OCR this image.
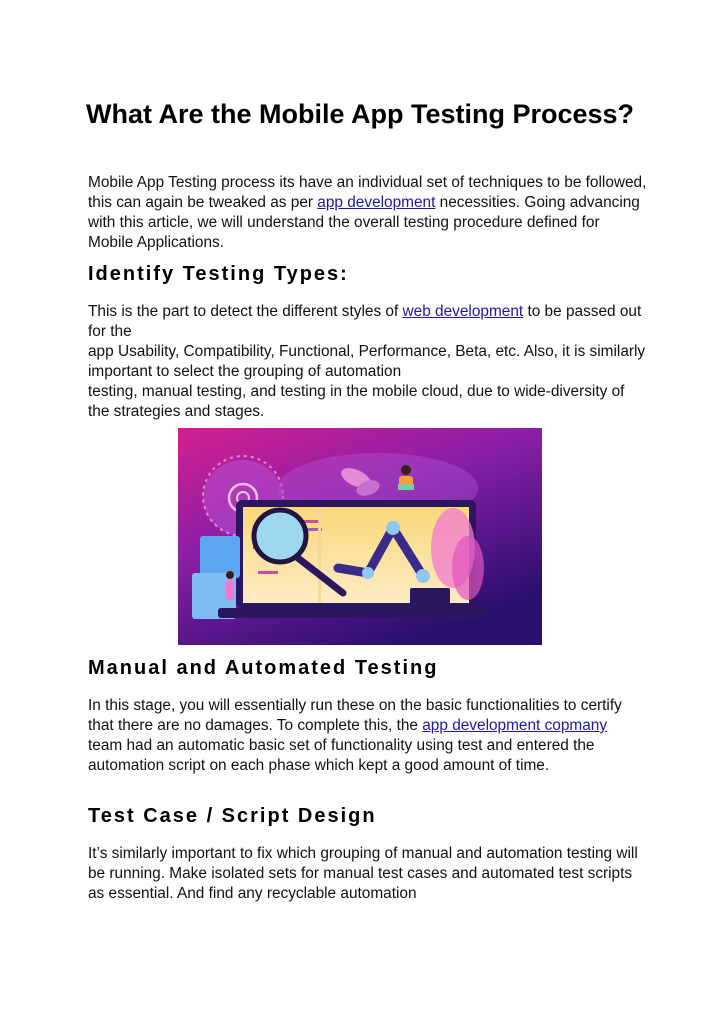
What Are the Mobile App Testing Process?

Mobile App Testing process its have an individual set of techniques to be followed, this can again be tweaked as per app development necessities. Going advancing with this article, we will understand the overall testing procedure defined for Mobile Applications.

Identify Testing Types:

This is the part to detect the different styles of web development to be passed out for the
app Usability, Compatibility, Functional, Performance, Beta, etc. Also, it is similarly important to select the grouping of automation
testing, manual testing, and testing in the mobile cloud, due to wide-diversity of the strategies and stages.

Manual and Automated Testing

In this stage, you will essentially run these on the basic functionalities to certify that there are no damages. To complete this, the app development copmany team had an automatic basic set of functionality using test and entered the automation script on each phase which kept a good amount of time.

Test Case / Script Design

It’s similarly important to fix which grouping of manual and automation testing will be running. Make isolated sets for manual test cases and automated test scripts as essential. And find any recyclable automation
